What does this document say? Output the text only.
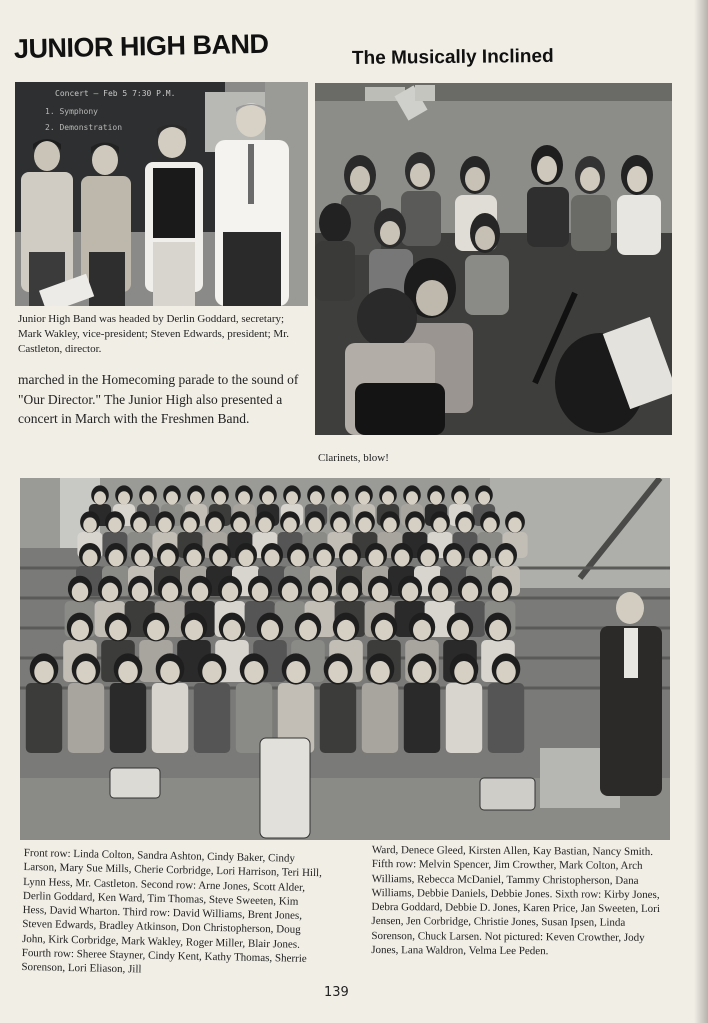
JUNIOR HIGH BAND	The Musically Inclined
Concert — Feb 5 7:30 P.M.
1. Symphony
2. Demonstration
Junior High Band was headed by Derlin Goddard, secretary; Mark Wakley, vice-president; Steven Edwards, president; Mr. Castleton, director.
marched in the Homecoming parade to the sound of "Our Director." The Junior High also presented a concert in March with the Freshmen Band.
Clarinets, blow!
Front row: Linda Colton, Sandra Ashton, Cindy Baker, Cindy Larson, Mary Sue Mills, Cherie Corbridge, Lori Harrison, Teri Hill, Lynn Hess, Mr. Castleton. Second row: Arne Jones, Scott Alder, Derlin Goddard, Ken Ward, Tim Thomas, Steve Sweeten, Kim Hess, David Wharton. Third row: David Williams, Brent Jones, Steven Edwards, Bradley Atkinson, Don Christopherson, Doug John, Kirk Corbridge, Mark Wakley, Roger Miller, Blair Jones. Fourth row: Sheree Stayner, Cindy Kent, Kathy Thomas, Sherrie Sorenson, Lori Eliason, Jill
Ward, Denece Gleed, Kirsten Allen, Kay Bastian, Nancy Smith. Fifth row: Melvin Spencer, Jim Crowther, Mark Colton, Arch Williams, Rebecca McDaniel, Tammy Christopherson, Dana Williams, Debbie Daniels, Debbie Jones. Sixth row: Kirby Jones, Debra Goddard, Debbie D. Jones, Karen Price, Jan Sweeten, Lori Jensen, Jen Corbridge, Christie Jones, Susan Ipsen, Linda Sorenson, Chuck Larsen. Not pictured: Keven Crowther, Jody Jones, Lana Waldron, Velma Lee Peden.
139
